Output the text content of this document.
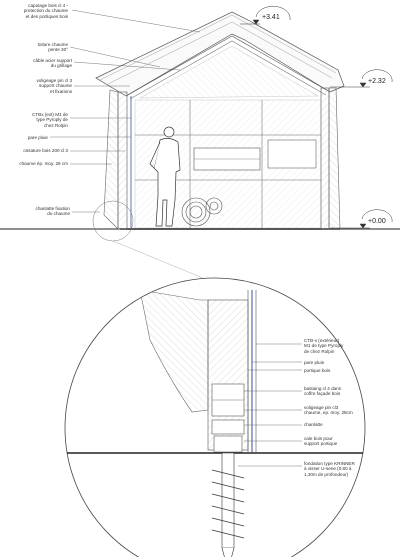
capotage bois cl 4 -
protection du chaume
et des portiques bois
toiture chaume
pente 30°
câble acier support
du grillage
voligeage pin cl 3
support chaume
et fixations
CTBx (ext) M1 de
type Pyroply de
chez Rolpin
pare pluie
ossature bois 200 cl 3
chaume ép. moy. 28 cm
chanlatte fixation
du chaume
+3.41
+2.32
+0.00
CTB-x (extérieur)
M1 de type Pyroply
de chez Rolpin
pare pluie
portique bois
bastaing cl 4 dans
coffre façade bois
voligeage pin cl3
chaume, ep. moy. 28cm
chanlatte
cale bois pour
support portique
fondation type KRINNER
à visser U-serie (0.80 à
1,30m de profondeur)
